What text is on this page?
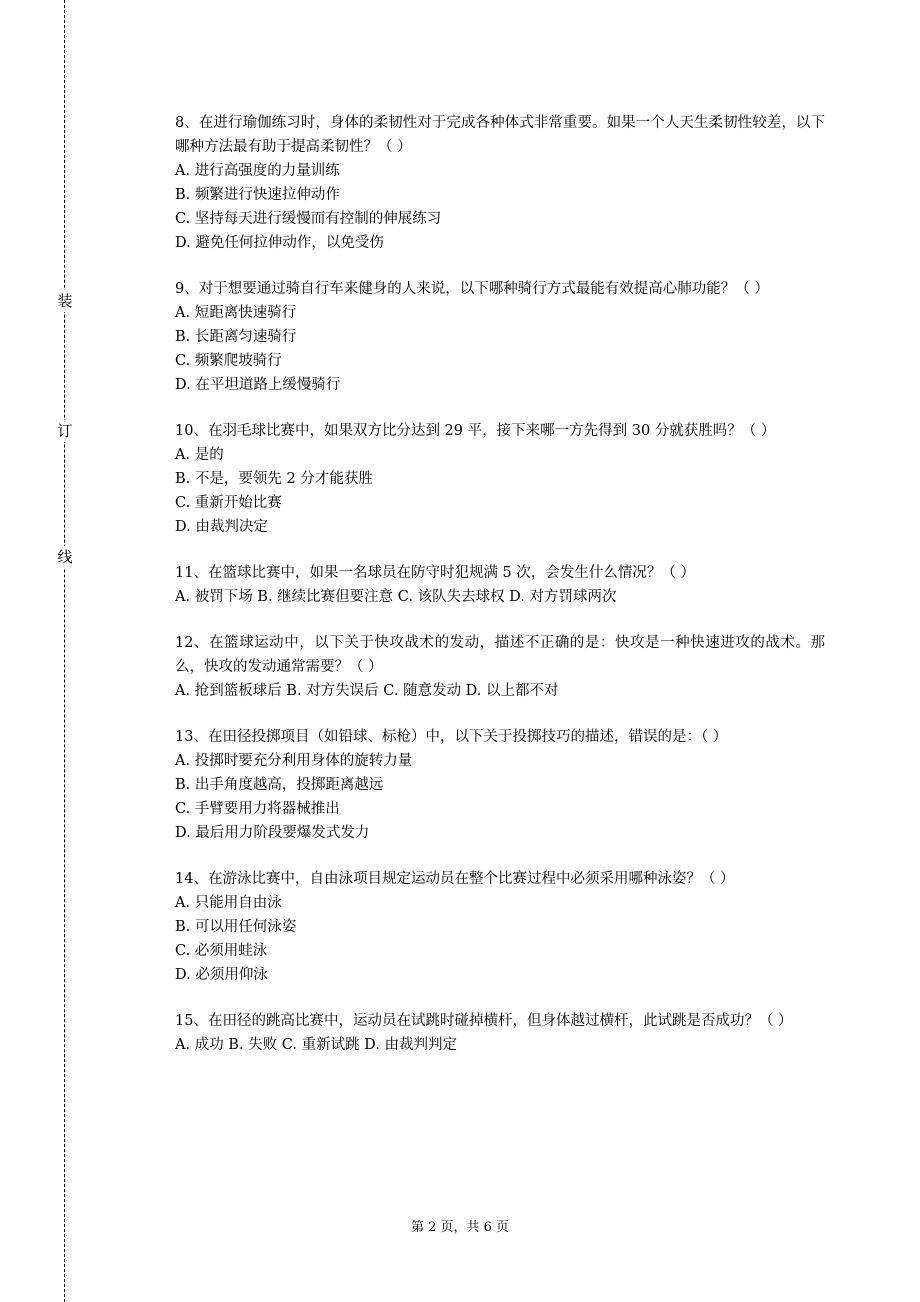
装
订
线

8、在进行瑜伽练习时，身体的柔韧性对于完成各种体式非常重要。如果一个人天生柔韧性较差，以下哪种方法最有助于提高柔韧性？（ ）

A. 进行高强度的力量训练

B. 频繁进行快速拉伸动作

C. 坚持每天进行缓慢而有控制的伸展练习

D. 避免任何拉伸动作，以免受伤

9、对于想要通过骑自行车来健身的人来说，以下哪种骑行方式最能有效提高心肺功能？（ ）

A. 短距离快速骑行

B. 长距离匀速骑行

C. 频繁爬坡骑行

D. 在平坦道路上缓慢骑行

10、在羽毛球比赛中，如果双方比分达到 29 平，接下来哪一方先得到 30 分就获胜吗？（ ）

A. 是的

B. 不是，要领先 2 分才能获胜

C. 重新开始比赛

D. 由裁判决定

11、在篮球比赛中，如果一名球员在防守时犯规满 5 次，会发生什么情况？（ ）

A. 被罚下场 B. 继续比赛但要注意 C. 该队失去球权 D. 对方罚球两次

12、在篮球运动中，以下关于快攻战术的发动，描述不正确的是：快攻是一种快速进攻的战术。那么，快攻的发动通常需要？（ ）

A. 抢到篮板球后 B. 对方失误后 C. 随意发动 D. 以上都不对

13、在田径投掷项目（如铅球、标枪）中，以下关于投掷技巧的描述，错误的是：（ ）

A. 投掷时要充分利用身体的旋转力量

B. 出手角度越高，投掷距离越远

C. 手臂要用力将器械推出

D. 最后用力阶段要爆发式发力

14、在游泳比赛中，自由泳项目规定运动员在整个比赛过程中必须采用哪种泳姿？（ ）

A. 只能用自由泳

B. 可以用任何泳姿

C. 必须用蛙泳

D. 必须用仰泳

15、在田径的跳高比赛中，运动员在试跳时碰掉横杆，但身体越过横杆，此试跳是否成功？（ ）

A. 成功 B. 失败 C. 重新试跳 D. 由裁判判定

第 2 页，共 6 页
